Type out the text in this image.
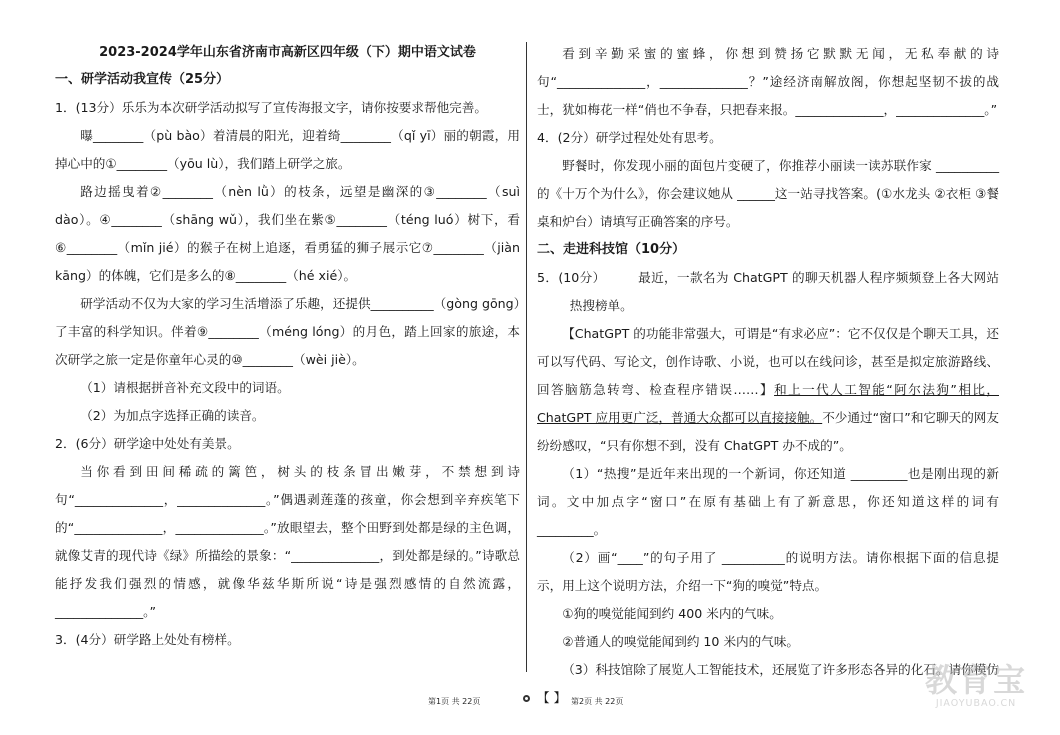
2023-2024学年山东省济南市高新区四年级（下）期中语文试卷
一、研学活动我宣传（25分）

1．(13分）乐乐为本次研学活动拟写了宣传海报文字，请你按要求帮他完善。

曝________（pù bào）着清晨的阳光，迎着绮________（qǐ yī）丽的朝霞，用掉心中的①________（yōu lù），我们踏上研学之旅。

路边摇曳着②________（nèn lǜ）的枝条，远望是幽深的③________（suì dào）。④________（shāng wǔ），我们坐在紫⑤________（téng luó）树下，看⑥________（mǐn jié）的猴子在树上追逐，看勇猛的狮子展示它⑦________（jiàn kāng）的体魄，它们是多么的⑧________（hé xié）。

研学活动不仅为大家的学习生活增添了乐趣，还提供__________（gòng gōng）了丰富的科学知识。伴着⑨________（méng lóng）的月色，踏上回家的旅途，本次研学之旅一定是你童年心灵的⑩________（wèi jiè）。

（1）请根据拼音补充文段中的词语。

（2）为加点字选择正确的读音。

2．(6分）研学途中处处有美景。

当你看到田间稀疏的篱笆，树头的枝条冒出嫩芽，不禁想到诗句“______________，______________。”偶遇剥莲蓬的孩童，你会想到辛弃疾笔下的“______________，______________。”放眼望去，整个田野到处都是绿的主色调，就像艾青的现代诗《绿》所描绘的景象：“______________，到处都是绿的。”诗歌总能抒发我们强烈的情感，就像华兹华斯所说“诗是强烈感情的自然流露，______________。”

3．(4分）研学路上处处有榜样。

看到辛勤采蜜的蜜蜂，你想到赞扬它默默无闻，无私奉献的诗句“______________，______________？”途经济南解放阁，你想起坚韧不拔的战士，犹如梅花一样“俏也不争春，只把春来报。______________，______________。”

4．(2分）研学过程处处有思考。

野餐时，你发现小丽的面包片变硬了，你推荐小丽读一读苏联作家 __________的《十万个为什么》，你会建议她从 ______这一站寻找答案。(①水龙头 ②衣柜 ③餐桌和炉台）请填写正确答案的序号。

二、走进科技馆（10分）

5．(10分）　　　最近，一款名为 ChatGPT 的聊天机器人程序频频登上各大网站热搜榜单。

【ChatGPT 的功能非常强大，可谓是“有求必应”：它不仅仅是个聊天工具，还可以写代码、写论文，创作诗歌、小说，也可以在线问诊，甚至是拟定旅游路线、回答脑筋急转弯、检查程序错误……】和上一代人工智能“阿尔法狗”相比，ChatGPT 应用更广泛，普通大众都可以直接接触。不少通过“窗口”和它聊天的网友纷纷感叹，“只有你想不到，没有 ChatGPT 办不成的”。

（1）“热搜”是近年来出现的一个新词，你还知道 _________也是刚出现的新词。文中加点字“窗口”在原有基础上有了新意思，你还知道这样的词有 _________。

（2）画“____”的句子用了 __________的说明方法。请你根据下面的信息提示，用上这个说明方法，介绍一下“狗的嗅觉”特点。

①狗的嗅觉能闻到约 400 米内的气味。

②普通人的嗅觉能闻到约 10 米内的气味。

（3）科技馆除了展览人工智能技术，还展览了许多形态各异的化石。请你模仿【 】

第1页 共 22页	第2页 共 22页
教育宝
JIAOYUBAO.CN
